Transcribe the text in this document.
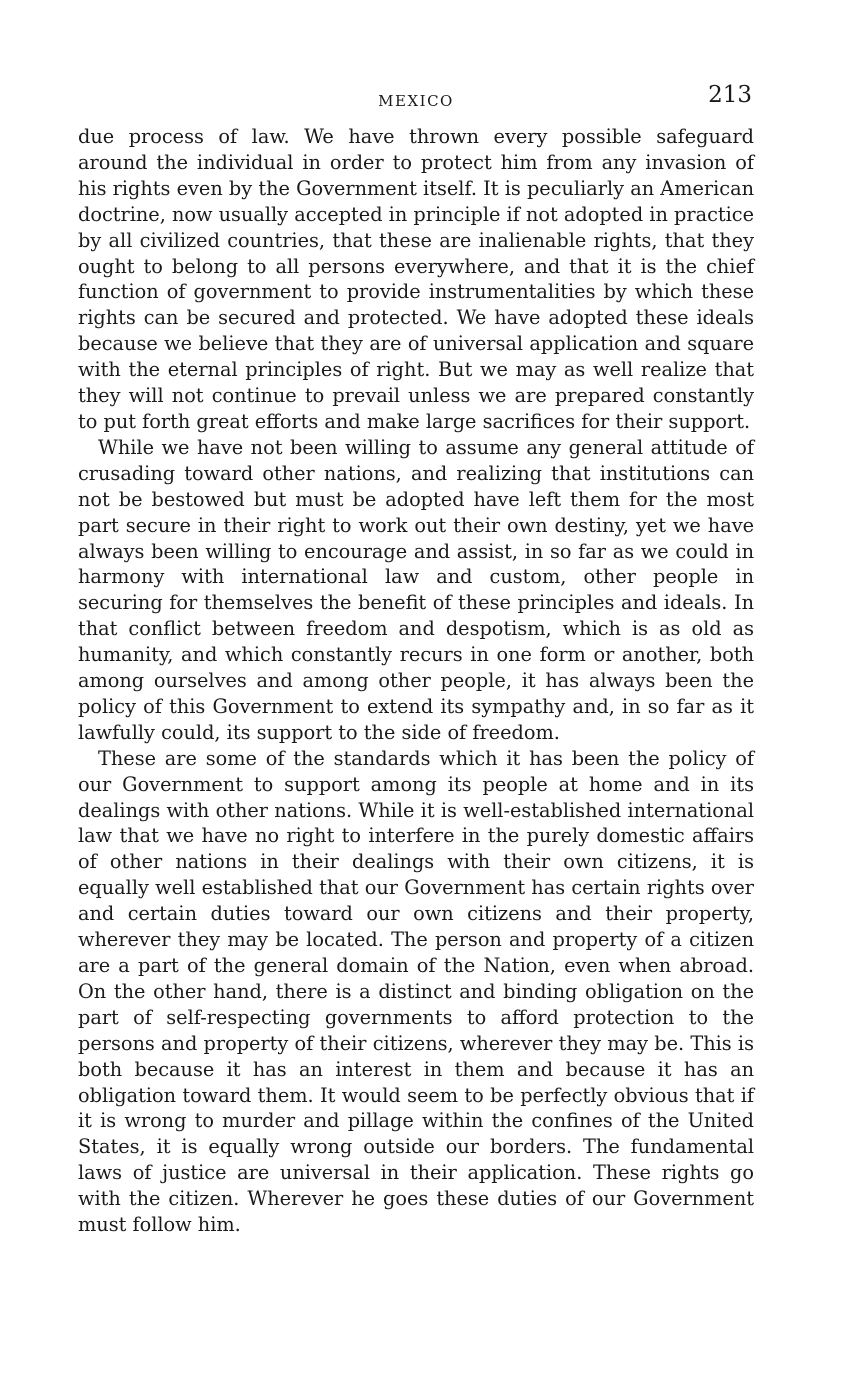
MEXICO	213

due process of law. We have thrown every possible safeguard around the individual in order to protect him from any invasion of his rights even by the Government itself. It is peculiarly an American doctrine, now usually accepted in principle if not adopted in practice by all civilized countries, that these are inalienable rights, that they ought to belong to all persons everywhere, and that it is the chief function of government to provide instrumentalities by which these rights can be secured and protected. We have adopted these ideals because we believe that they are of universal application and square with the eternal principles of right. But we may as well realize that they will not continue to prevail unless we are prepared constantly to put forth great efforts and make large sacrifices for their support.

While we have not been willing to assume any general attitude of crusading toward other nations, and realizing that institutions can not be bestowed but must be adopted have left them for the most part secure in their right to work out their own destiny, yet we have always been willing to encourage and assist, in so far as we could in harmony with international law and custom, other people in securing for themselves the benefit of these principles and ideals. In that conflict between freedom and despotism, which is as old as humanity, and which constantly recurs in one form or another, both among ourselves and among other people, it has always been the policy of this Government to extend its sympathy and, in so far as it lawfully could, its support to the side of freedom.

These are some of the standards which it has been the policy of our Government to support among its people at home and in its dealings with other nations. While it is well-established international law that we have no right to interfere in the purely domestic affairs of other nations in their dealings with their own citizens, it is equally well established that our Government has certain rights over and certain duties toward our own citizens and their property, wherever they may be located. The person and property of a citizen are a part of the general domain of the Nation, even when abroad. On the other hand, there is a distinct and binding obligation on the part of self-respecting governments to afford protection to the persons and property of their citizens, wherever they may be. This is both because it has an interest in them and because it has an obligation toward them. It would seem to be perfectly obvious that if it is wrong to murder and pillage within the confines of the United States, it is equally wrong outside our borders. The fundamental laws of justice are universal in their application. These rights go with the citizen. Wherever he goes these duties of our Government must follow him.
